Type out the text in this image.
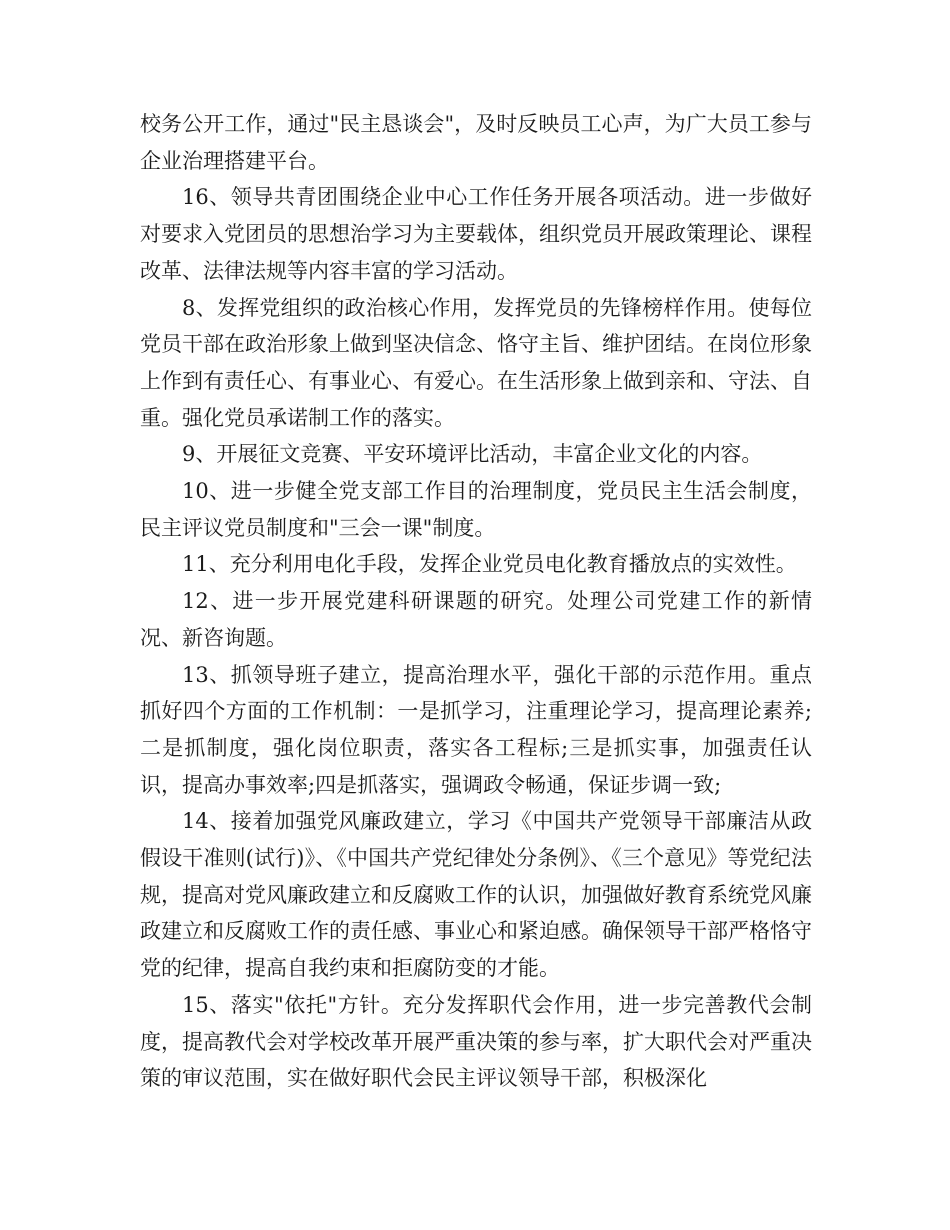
校务公开工作，通过"民主恳谈会"，及时反映员工心声，为广大员工参与企业治理搭建平台。

16、领导共青团围绕企业中心工作任务开展各项活动。进一步做好对要求入党团员的思想治学习为主要载体，组织党员开展政策理论、课程改革、法律法规等内容丰富的学习活动。

8、发挥党组织的政治核心作用，发挥党员的先锋榜样作用。使每位党员干部在政治形象上做到坚决信念、恪守主旨、维护团结。在岗位形象上作到有责任心、有事业心、有爱心。在生活形象上做到亲和、守法、自重。强化党员承诺制工作的落实。

9、开展征文竞赛、平安环境评比活动，丰富企业文化的内容。

10、进一步健全党支部工作目的治理制度，党员民主生活会制度，民主评议党员制度和"三会一课"制度。

11、充分利用电化手段，发挥企业党员电化教育播放点的实效性。

12、进一步开展党建科研课题的研究。处理公司党建工作的新情况、新咨询题。

13、抓领导班子建立，提高治理水平，强化干部的示范作用。重点抓好四个方面的工作机制：一是抓学习，注重理论学习，提高理论素养;二是抓制度，强化岗位职责，落实各工程标;三是抓实事，加强责任认识，提高办事效率;四是抓落实，强调政令畅通，保证步调一致;

14、接着加强党风廉政建立，学习《中国共产党领导干部廉洁从政假设干准则(试行)》、《中国共产党纪律处分条例》、《三个意见》等党纪法规，提高对党风廉政建立和反腐败工作的认识，加强做好教育系统党风廉政建立和反腐败工作的责任感、事业心和紧迫感。确保领导干部严格恪守党的纪律，提高自我约束和拒腐防变的才能。

15、落实"依托"方针。充分发挥职代会作用，进一步完善教代会制度，提高教代会对学校改革开展严重决策的参与率，扩大职代会对严重决策的审议范围，实在做好职代会民主评议领导干部，积极深化
